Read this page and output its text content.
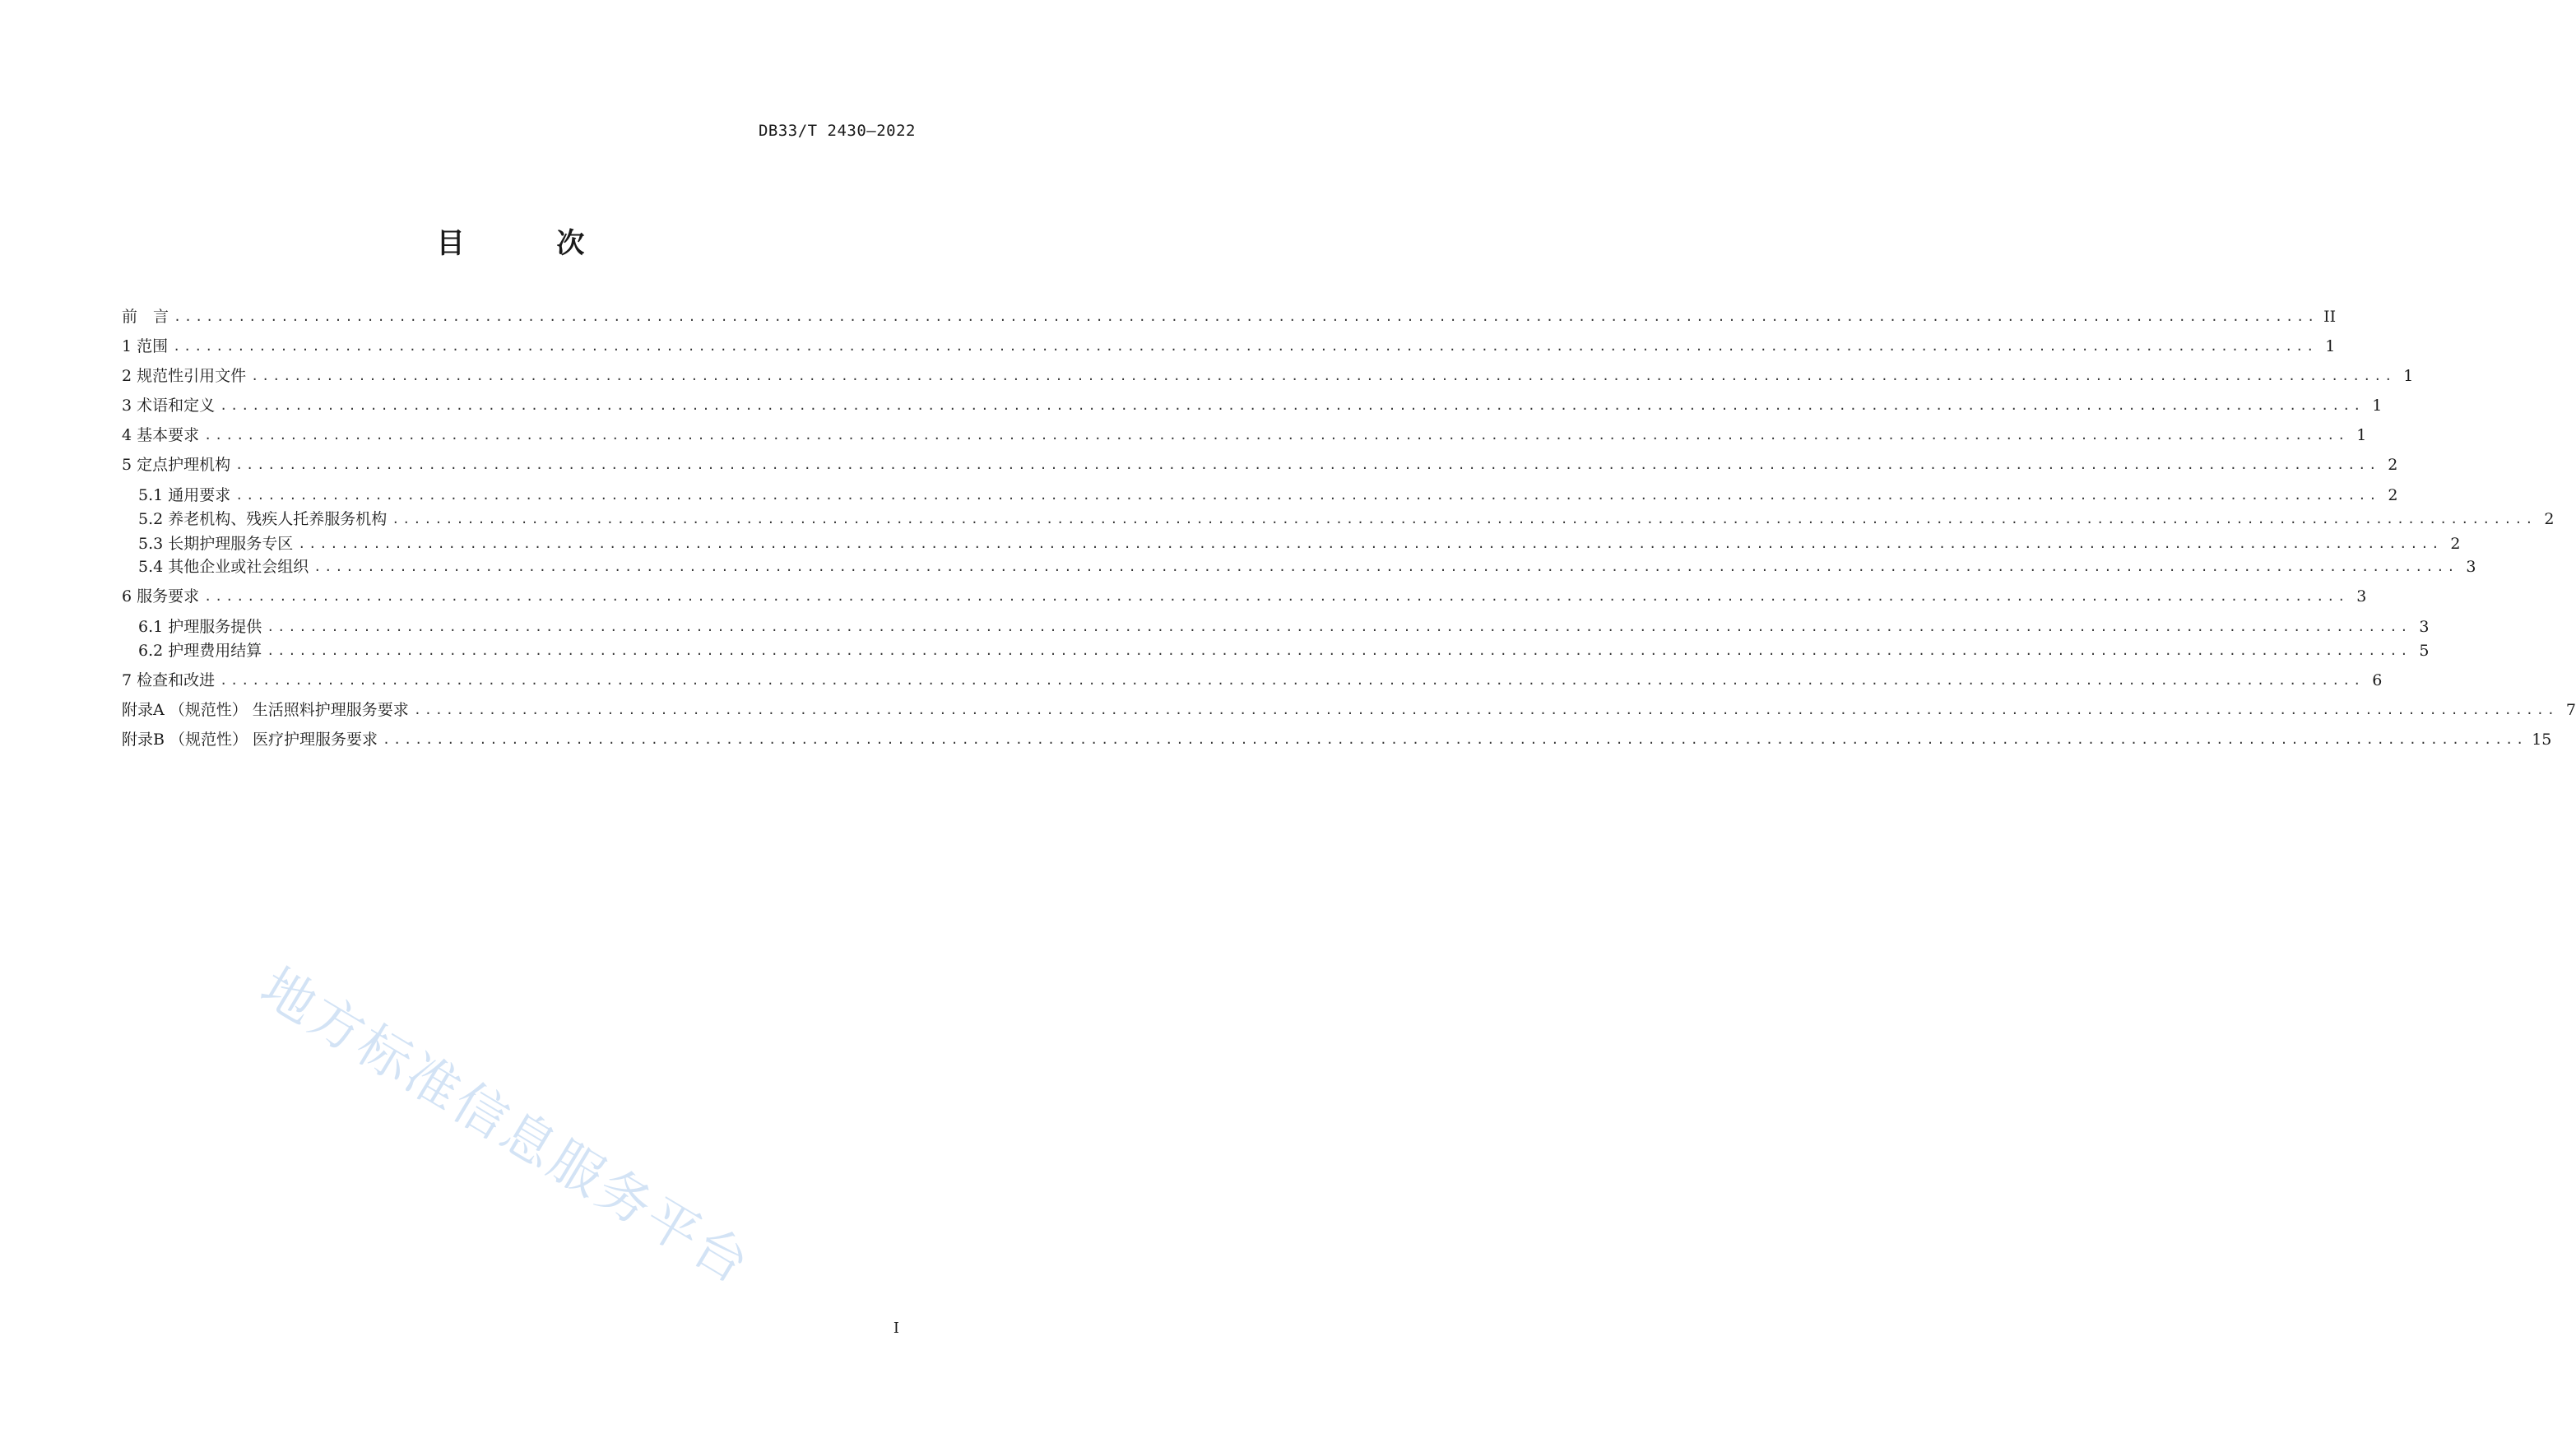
DB33/T 2430—2022
目 次
前　言 ........................................................................................................................................................................................................ II
1 范围 ........................................................................................................................................................................................................ 1
2 规范性引用文件 ........................................................................................................................................................................................................ 1
3 术语和定义 ........................................................................................................................................................................................................ 1
4 基本要求 ........................................................................................................................................................................................................ 1
5 定点护理机构 ........................................................................................................................................................................................................ 2
5.1 通用要求 ........................................................................................................................................................................................................ 2
5.2 养老机构、残疾人托养服务机构 ........................................................................................................................................................................................................ 2
5.3 长期护理服务专区 ........................................................................................................................................................................................................ 2
5.4 其他企业或社会组织 ........................................................................................................................................................................................................ 3
6 服务要求 ........................................................................................................................................................................................................ 3
6.1 护理服务提供 ........................................................................................................................................................................................................ 3
6.2 护理费用结算 ........................................................................................................................................................................................................ 5
7 检查和改进 ........................................................................................................................................................................................................ 6
附录A （规范性） 生活照料护理服务要求 ........................................................................................................................................................................................................ 7
附录B （规范性） 医疗护理服务要求 ........................................................................................................................................................................................................ 15
地方标准信息服务平台
I
